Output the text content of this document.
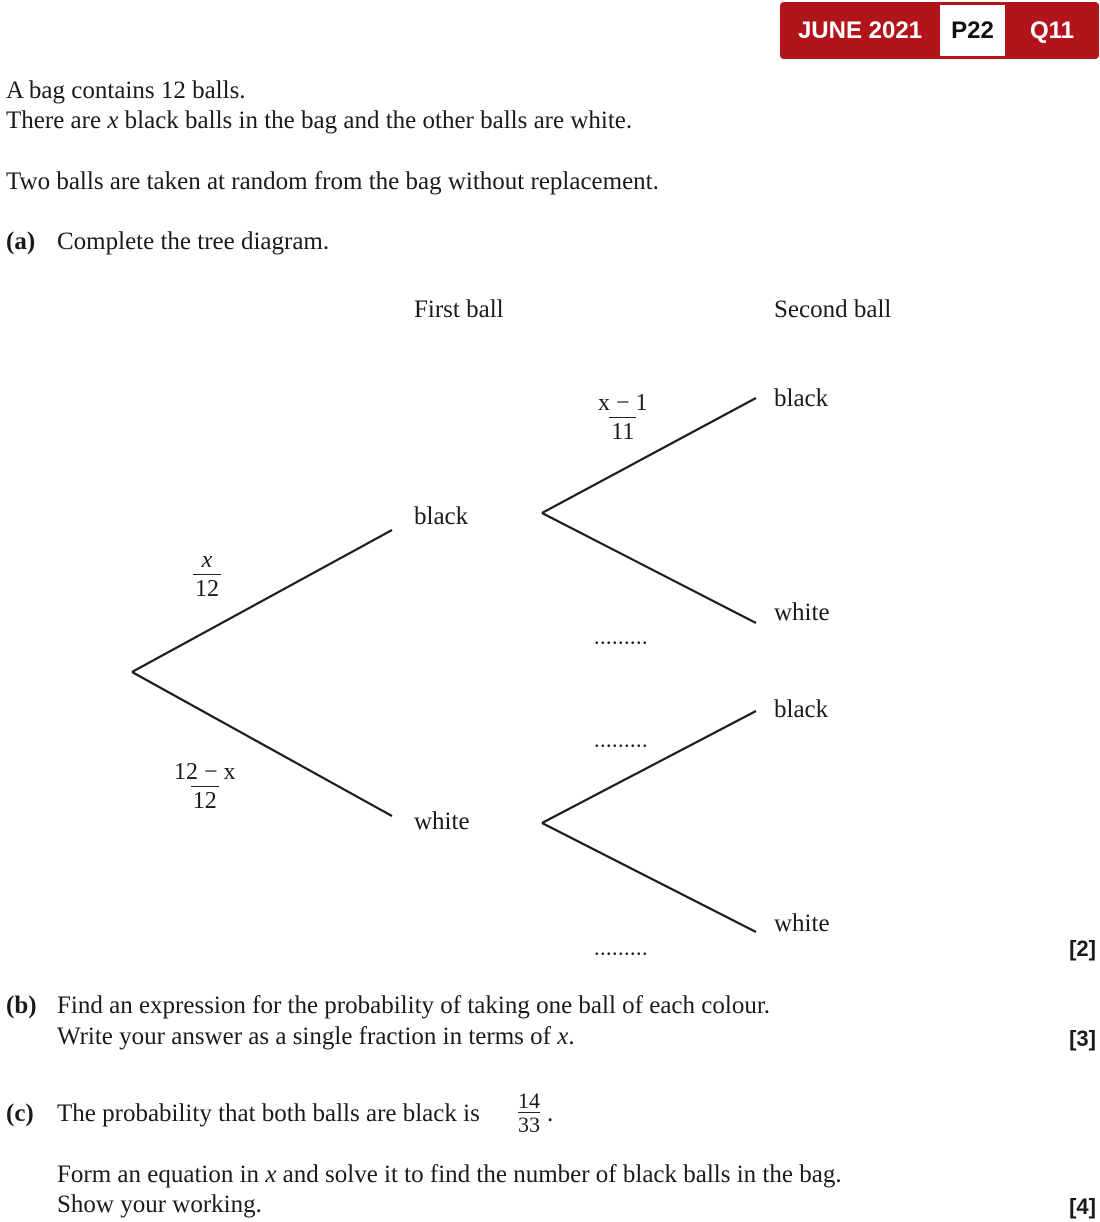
JUNE 2021	P22	Q11
A bag contains 12 balls.
There are x black balls in the bag and the other balls are white.
Two balls are taken at random from the bag without replacement.
(a) Complete the tree diagram.
First ball	Second ball
black
white
black
white
black
white
$\frac{x}{12}$
$\frac{12 - x}{12}$
$\frac{x - 1}{11}$
.........
.........
.........	[2]
(b) Find an expression for the probability of taking one ball of each colour.
Write your answer as a single fraction in terms of x.	[3]
(c) The probability that both balls are black is 14
33 .
Form an equation in x and solve it to find the number of black balls in the bag.
Show your working.	[4]
